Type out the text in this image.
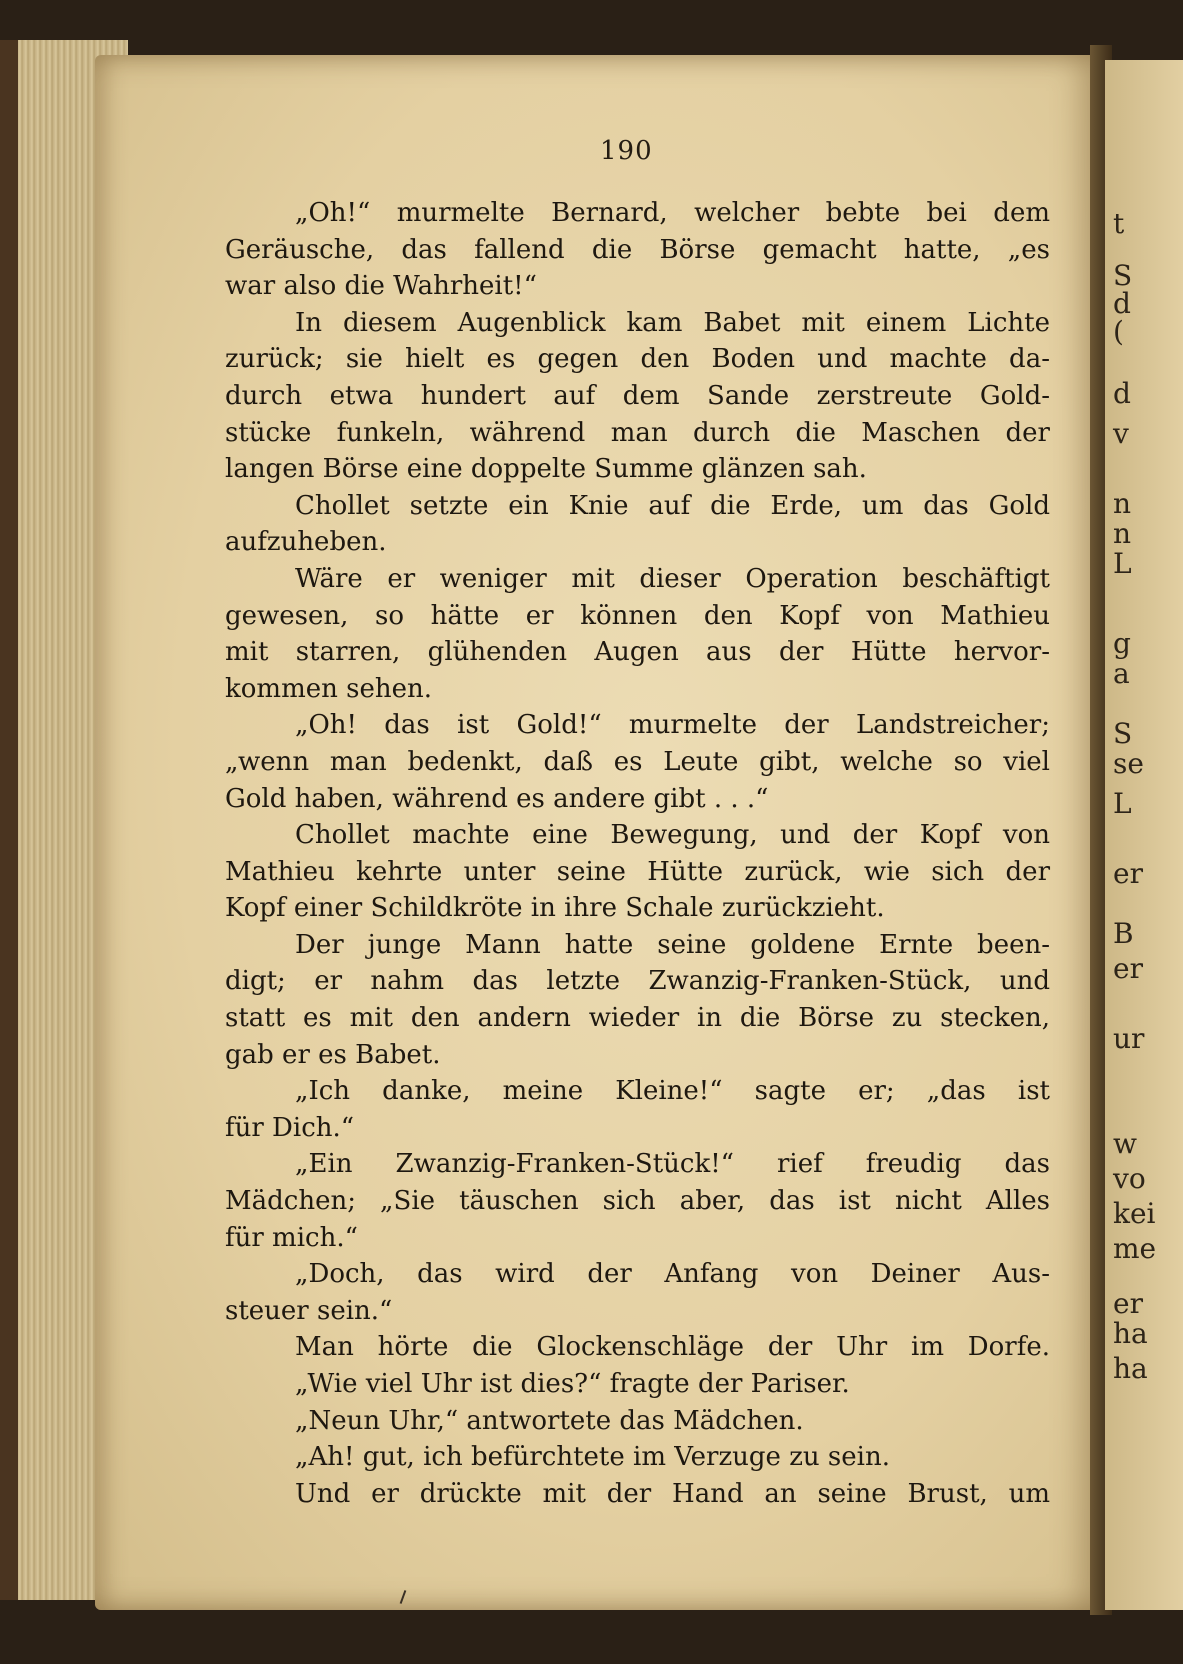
t
S
d
(
d
v
n
n
L
g
a
S
se
L
er
B
er
ur
w
vo
kei
me
er
ha
ha
190
„Oh!“ murmelte Bernard, welcher bebte bei dem
Geräusche, das fallend die Börse gemacht hatte, „es
war also die Wahrheit!“
In diesem Augenblick kam Babet mit einem Lichte
zurück; sie hielt es gegen den Boden und machte da-
durch etwa hundert auf dem Sande zerstreute Gold-
stücke funkeln, während man durch die Maschen der
langen Börse eine doppelte Summe glänzen sah.
Chollet setzte ein Knie auf die Erde, um das Gold
aufzuheben.
Wäre er weniger mit dieser Operation beschäftigt
gewesen, so hätte er können den Kopf von Mathieu
mit starren, glühenden Augen aus der Hütte hervor-
kommen sehen.
„Oh! das ist Gold!“ murmelte der Landstreicher;
„wenn man bedenkt, daß es Leute gibt, welche so viel
Gold haben, während es andere gibt . . .“
Chollet machte eine Bewegung, und der Kopf von
Mathieu kehrte unter seine Hütte zurück, wie sich der
Kopf einer Schildkröte in ihre Schale zurückzieht.
Der junge Mann hatte seine goldene Ernte been-
digt; er nahm das letzte Zwanzig-Franken-Stück, und
statt es mit den andern wieder in die Börse zu stecken,
gab er es Babet.
„Ich danke, meine Kleine!“ sagte er; „das ist
für Dich.“
„Ein Zwanzig-Franken-Stück!“ rief freudig das
Mädchen; „Sie täuschen sich aber, das ist nicht Alles
für mich.“
„Doch, das wird der Anfang von Deiner Aus-
steuer sein.“
Man hörte die Glockenschläge der Uhr im Dorfe.
„Wie viel Uhr ist dies?“ fragte der Pariser.
„Neun Uhr,“ antwortete das Mädchen.
„Ah! gut, ich befürchtete im Verzuge zu sein.
Und er drückte mit der Hand an seine Brust, um
